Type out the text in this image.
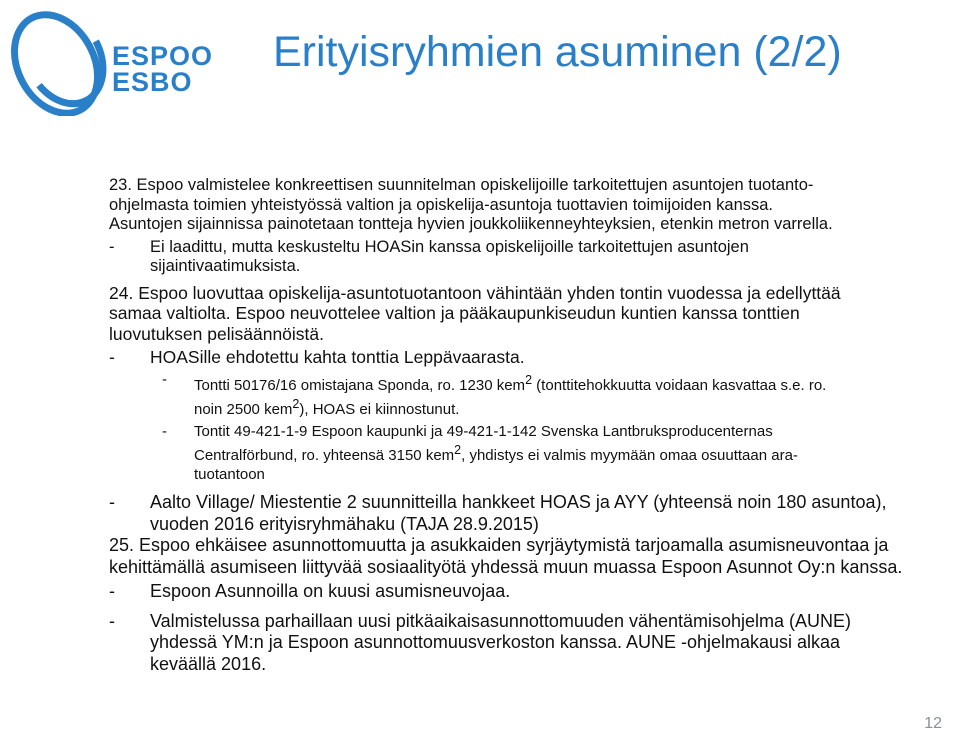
ESPOO
ESBO
Erityisryhmien asuminen (2/2)

23. Espoo valmistelee konkreettisen suunnitelman opiskelijoille tarkoitettujen asuntojen tuotanto-

ohjelmasta toimien yhteistyössä valtion ja opiskelija-asuntoja tuottavien toimijoiden kanssa.

Asuntojen sijainnissa painotetaan tontteja hyvien joukkoliikenneyhteyksien, etenkin metron varrella.

- Ei laadittu, mutta keskusteltu HOASin kanssa opiskelijoille tarkoitettujen asuntojen

sijaintivaatimuksista.

24. Espoo luovuttaa opiskelija-asuntotuotantoon vähintään yhden tontin vuodessa ja edellyttää

samaa valtiolta. Espoo neuvottelee valtion ja pääkaupunkiseudun kuntien kanssa tonttien

luovutuksen pelisäännöistä.

- HOASille ehdotettu kahta tonttia Leppävaarasta.

- Tontti 50176/16 omistajana Sponda, ro. 1230 kem$^2$ (tonttitehokkuutta voidaan kasvattaa s.e. ro.

noin 2500 kem$^2$), HOAS ei kiinnostunut.

- Tontit 49-421-1-9 Espoon kaupunki ja 49-421-1-142 Svenska Lantbruksproducenternas

Centralförbund, ro. yhteensä 3150 kem$^2$, yhdistys ei valmis myymään omaa osuuttaan ara-

tuotantoon

- Aalto Village/ Miestentie 2 suunnitteilla hankkeet HOAS ja AYY (yhteensä noin 180 asuntoa),

vuoden 2016 erityisryhmähaku (TAJA 28.9.2015)

25. Espoo ehkäisee asunnottomuutta ja asukkaiden syrjäytymistä tarjoamalla asumisneuvontaa ja

kehittämällä asumiseen liittyvää sosiaalityötä yhdessä muun muassa Espoon Asunnot Oy:n kanssa.

- Espoon Asunnoilla on kuusi asumisneuvojaa.

- Valmistelussa parhaillaan uusi pitkäaikaisasunnottomuuden vähentämisohjelma (AUNE)

yhdessä YM:n ja Espoon asunnottomuusverkoston kanssa. AUNE -ohjelmakausi alkaa

keväällä 2016.

12
